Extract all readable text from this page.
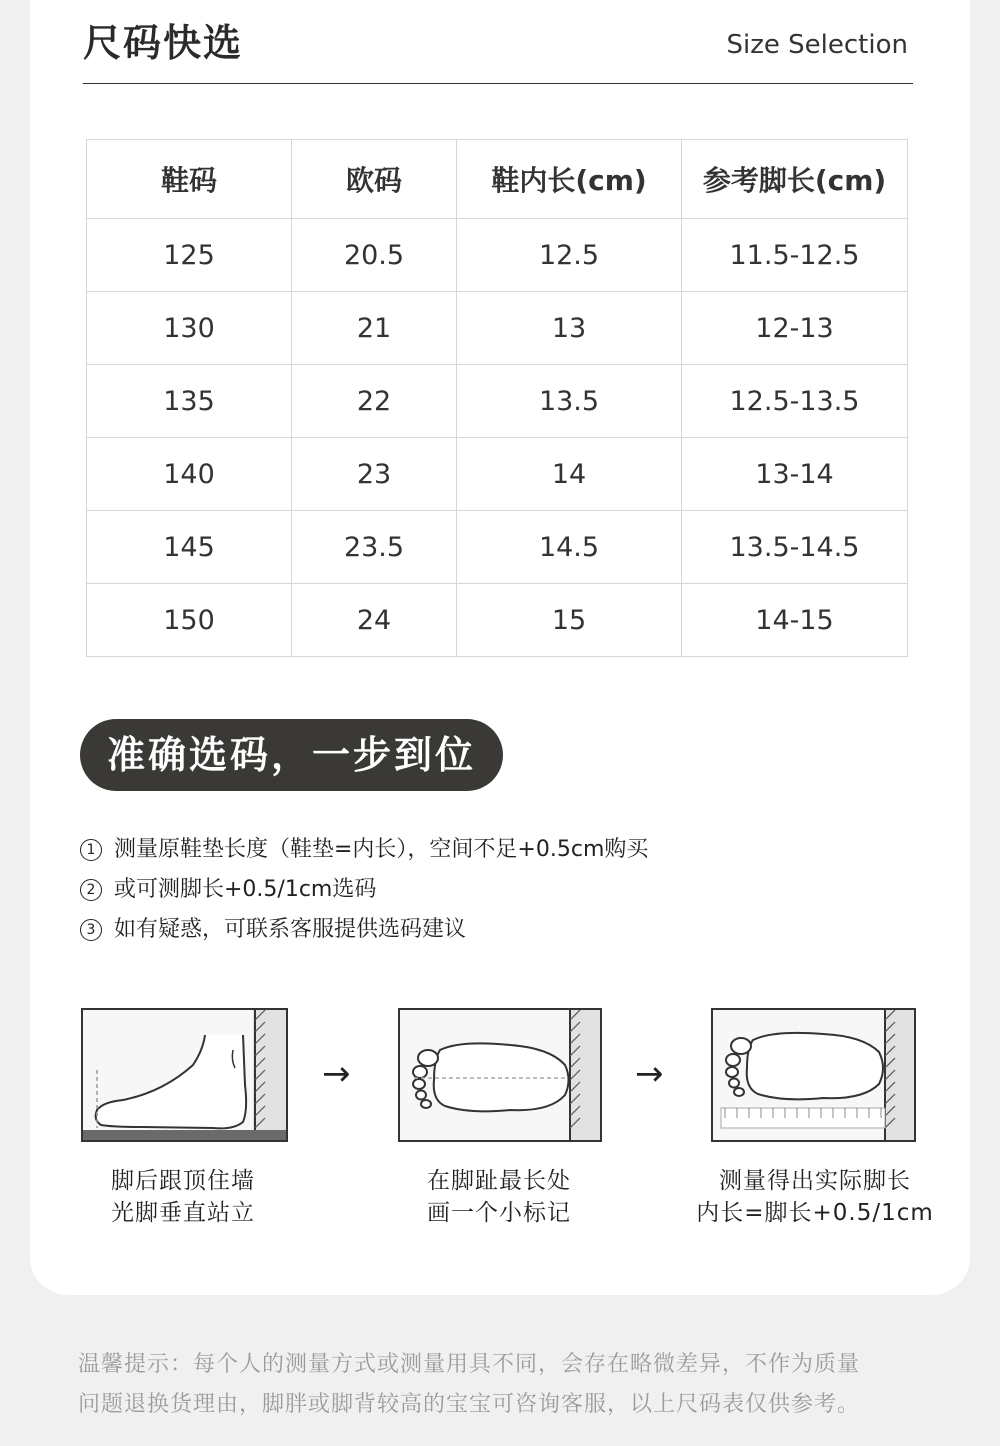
尺码快选	Size Selection
鞋码	欧码	鞋内长(cm)	参考脚长(cm)
125	20.5	12.5	11.5-12.5
130	21	13	12-13
135	22	13.5	12.5-13.5
140	23	14	13-14
145	23.5	14.5	13.5-14.5
150	24	15	14-15
准确选码，一步到位
1 测量原鞋垫长度（鞋垫=内长），空间不足+0.5cm购买
2 或可测脚长+0.5/1cm选码
3 如有疑惑，可联系客服提供选码建议
→	→
脚后跟顶住墙
光脚垂直站立
在脚趾最长处
画一个小标记
测量得出实际脚长
内长=脚长+0.5/1cm
温馨提示：每个人的测量方式或测量用具不同，会存在略微差异，不作为质量
问题退换货理由，脚胖或脚背较高的宝宝可咨询客服，以上尺码表仅供参考。
